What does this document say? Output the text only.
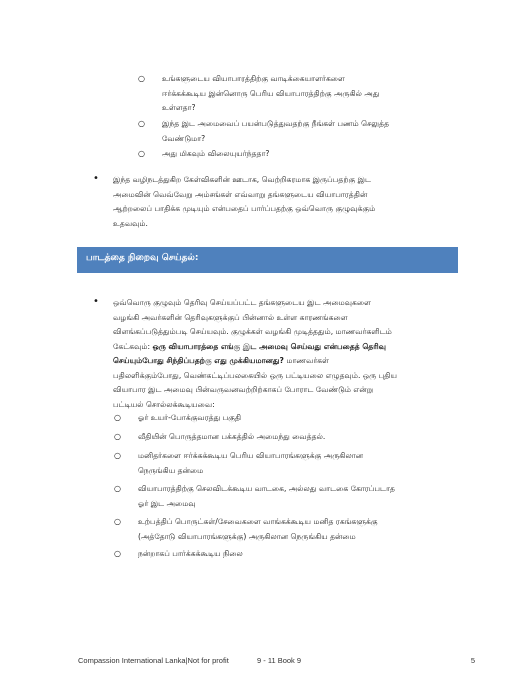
○ உங்களுடைய வியாபாரத்திற்கு வாடிக்கையாளர்களை
ஈர்க்கக்கூடிய இன்னொரு பெரிய வியாபாரத்திற்கு அருகில் அது
உள்ளதா?
○ இந்த இட அமைவைப் பயன்படுத்துவதற்கு நீங்கள் பணம் செலுத்த
வேண்டுமா?
○ அது மிகவும் விலையுயர்ந்ததா?
• இந்த வழிநடத்துகிற கேள்விகளின் ஊடாக, வெற்றிகரமாக இருப்பதற்கு இட
அமைவின் வெவ்வேறு அம்சங்கள் எவ்வாறு தங்களுடைய வியாபாரத்தின்
ஆற்றலைப் பாதிக்க முடியும் என்பதைப் பார்ப்பதற்கு ஒவ்வொரு குழுவுக்கும்
உதவவும்.
பாடத்தை நிறைவு செய்தல்:
• ஒவ்வொரு குழுவும் தெரிவு செய்யப்பட்ட தங்களுடைய இட அமைவுகளை
வழங்கி அவர்களின் தெரிவுகளுக்குப் பின்னால் உள்ள காரணங்களை
விளங்கப்படுத்தும்படி செய்யவும். குழுக்கள் வழங்கி முடித்ததும், மாணவர்களிடம்
கேட்கவும்: ஒரு வியாபாரத்தை எங்கு இட அமைவு செய்வது என்பதைத் தெரிவு
செய்யும்போது சிந்திப்பதற்கு எது முக்கியமானது? மாணவர்கள்
பதிலளிக்கும்போது, வெண்கட்டிப்பலகையில் ஒரு பட்டியலை எழுதவும். ஒரு புதிய
வியாபார இட அமைவு பின்வருவனவற்றிற்காகப் போராட வேண்டும் என்று
பட்டியல் சொல்லக்கூடியவை:
○ ஓர் உயர்-போக்குவரத்து பகுதி
○ வீதியின் பொருத்தமான பக்கத்தில் அமைந்து வைத்தல்.
○ மனிதர்களை ஈர்க்கக்கூடிய பெரிய வியாபாரங்களுக்கு அருகிலான
நெருங்கிய தன்மை
○ வியாபாரத்திற்கு செலவிடக்கூடிய வாடகை, அல்லது வாடகை கோரப்படாத
ஓர் இட அமைவு
○ உற்பத்திப் பொருட்கள்/சேவைகளை வாங்கக்கூடிய மனித ரகங்களுக்கு
(அத்தோடு வியாபாரங்களுக்கு) அருகிலான நெருங்கிய தன்மை
○ நன்றாகப் பார்க்கக்கூடிய நிலை
Compassion International Lanka|Not for profit	9 - 11 Book 9	5
